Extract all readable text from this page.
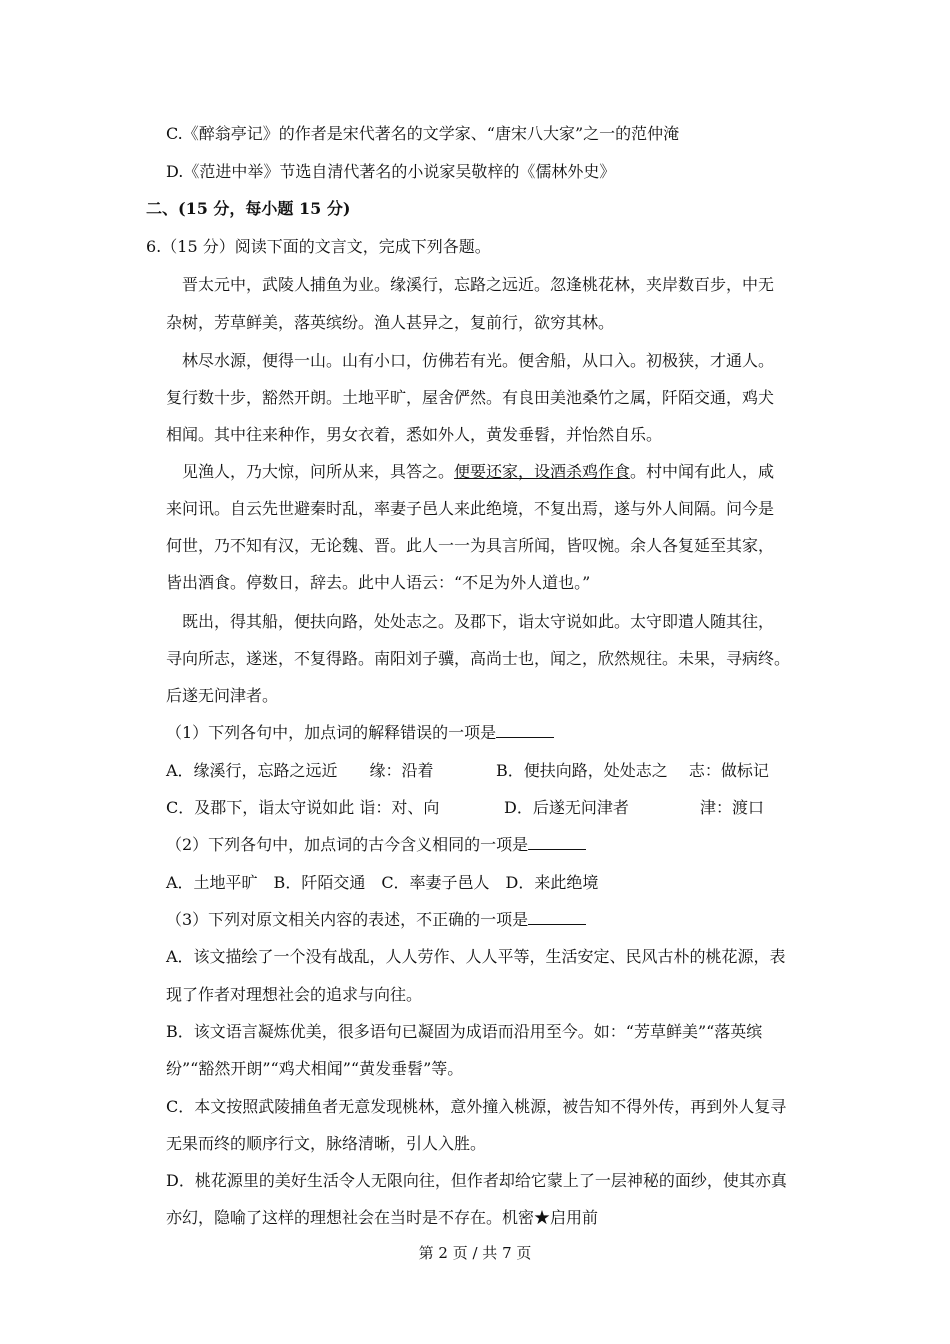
C.《醉翁亭记》的作者是宋代著名的文学家、“唐宋八大家”之一的范仲淹
D.《范进中举》节选自清代著名的小说家吴敬梓的《儒林外史》
二、(15 分，每小题 15 分)
6.（15 分）阅读下面的文言文，完成下列各题。
晋太元中，武陵人捕鱼为业。缘溪行，忘路之远近。忽逢桃花林，夹岸数百步，中无
杂树，芳草鲜美，落英缤纷。渔人甚异之，复前行，欲穷其林。
林尽水源，便得一山。山有小口，仿佛若有光。便舍船，从口入。初极狭，才通人。
复行数十步，豁然开朗。土地平旷，屋舍俨然。有良田美池桑竹之属，阡陌交通，鸡犬
相闻。其中往来种作，男女衣着，悉如外人，黄发垂髫，并怡然自乐。
见渔人，乃大惊，问所从来，具答之。便要还家，设酒杀鸡作食。村中闻有此人，咸
来问讯。自云先世避秦时乱，率妻子邑人来此绝境，不复出焉，遂与外人间隔。问今是
何世，乃不知有汉，无论魏、晋。此人一一为具言所闻，皆叹惋。余人各复延至其家，
皆出酒食。停数日，辞去。此中人语云：“不足为外人道也。”
既出，得其船，便扶向路，处处志之。及郡下，诣太守说如此。太守即遣人随其往，
寻向所志，遂迷，不复得路。南阳刘子骥，高尚士也，闻之，欣然规往。未果，寻病终。
后遂无问津者。
（1）下列各句中，加点词的解释错误的一项是
A．缘溪行，忘路之远近　　缘：沿着	B．便扶向路，处处志之　 志：做标记
C．及郡下，诣太守说如此 诣：对、向	D．后遂无问津者	津：渡口
（2）下列各句中，加点词的古今含义相同的一项是
A．土地平旷　B．阡陌交通　C．率妻子邑人　D．来此绝境
（3）下列对原文相关内容的表述，不正确的一项是
A．该文描绘了一个没有战乱，人人劳作、人人平等，生活安定、民风古朴的桃花源，表
现了作者对理想社会的追求与向往。
B．该文语言凝炼优美，很多语句已凝固为成语而沿用至今。如：“芳草鲜美”“落英缤
纷”“豁然开朗”“鸡犬相闻”“黄发垂髫”等。
C．本文按照武陵捕鱼者无意发现桃林，意外撞入桃源，被告知不得外传，再到外人复寻
无果而终的顺序行文，脉络清晰，引人入胜。
D．桃花源里的美好生活令人无限向往，但作者却给它蒙上了一层神秘的面纱，使其亦真
亦幻，隐喻了这样的理想社会在当时是不存在。机密★启用前
第 2 页 / 共 7 页
